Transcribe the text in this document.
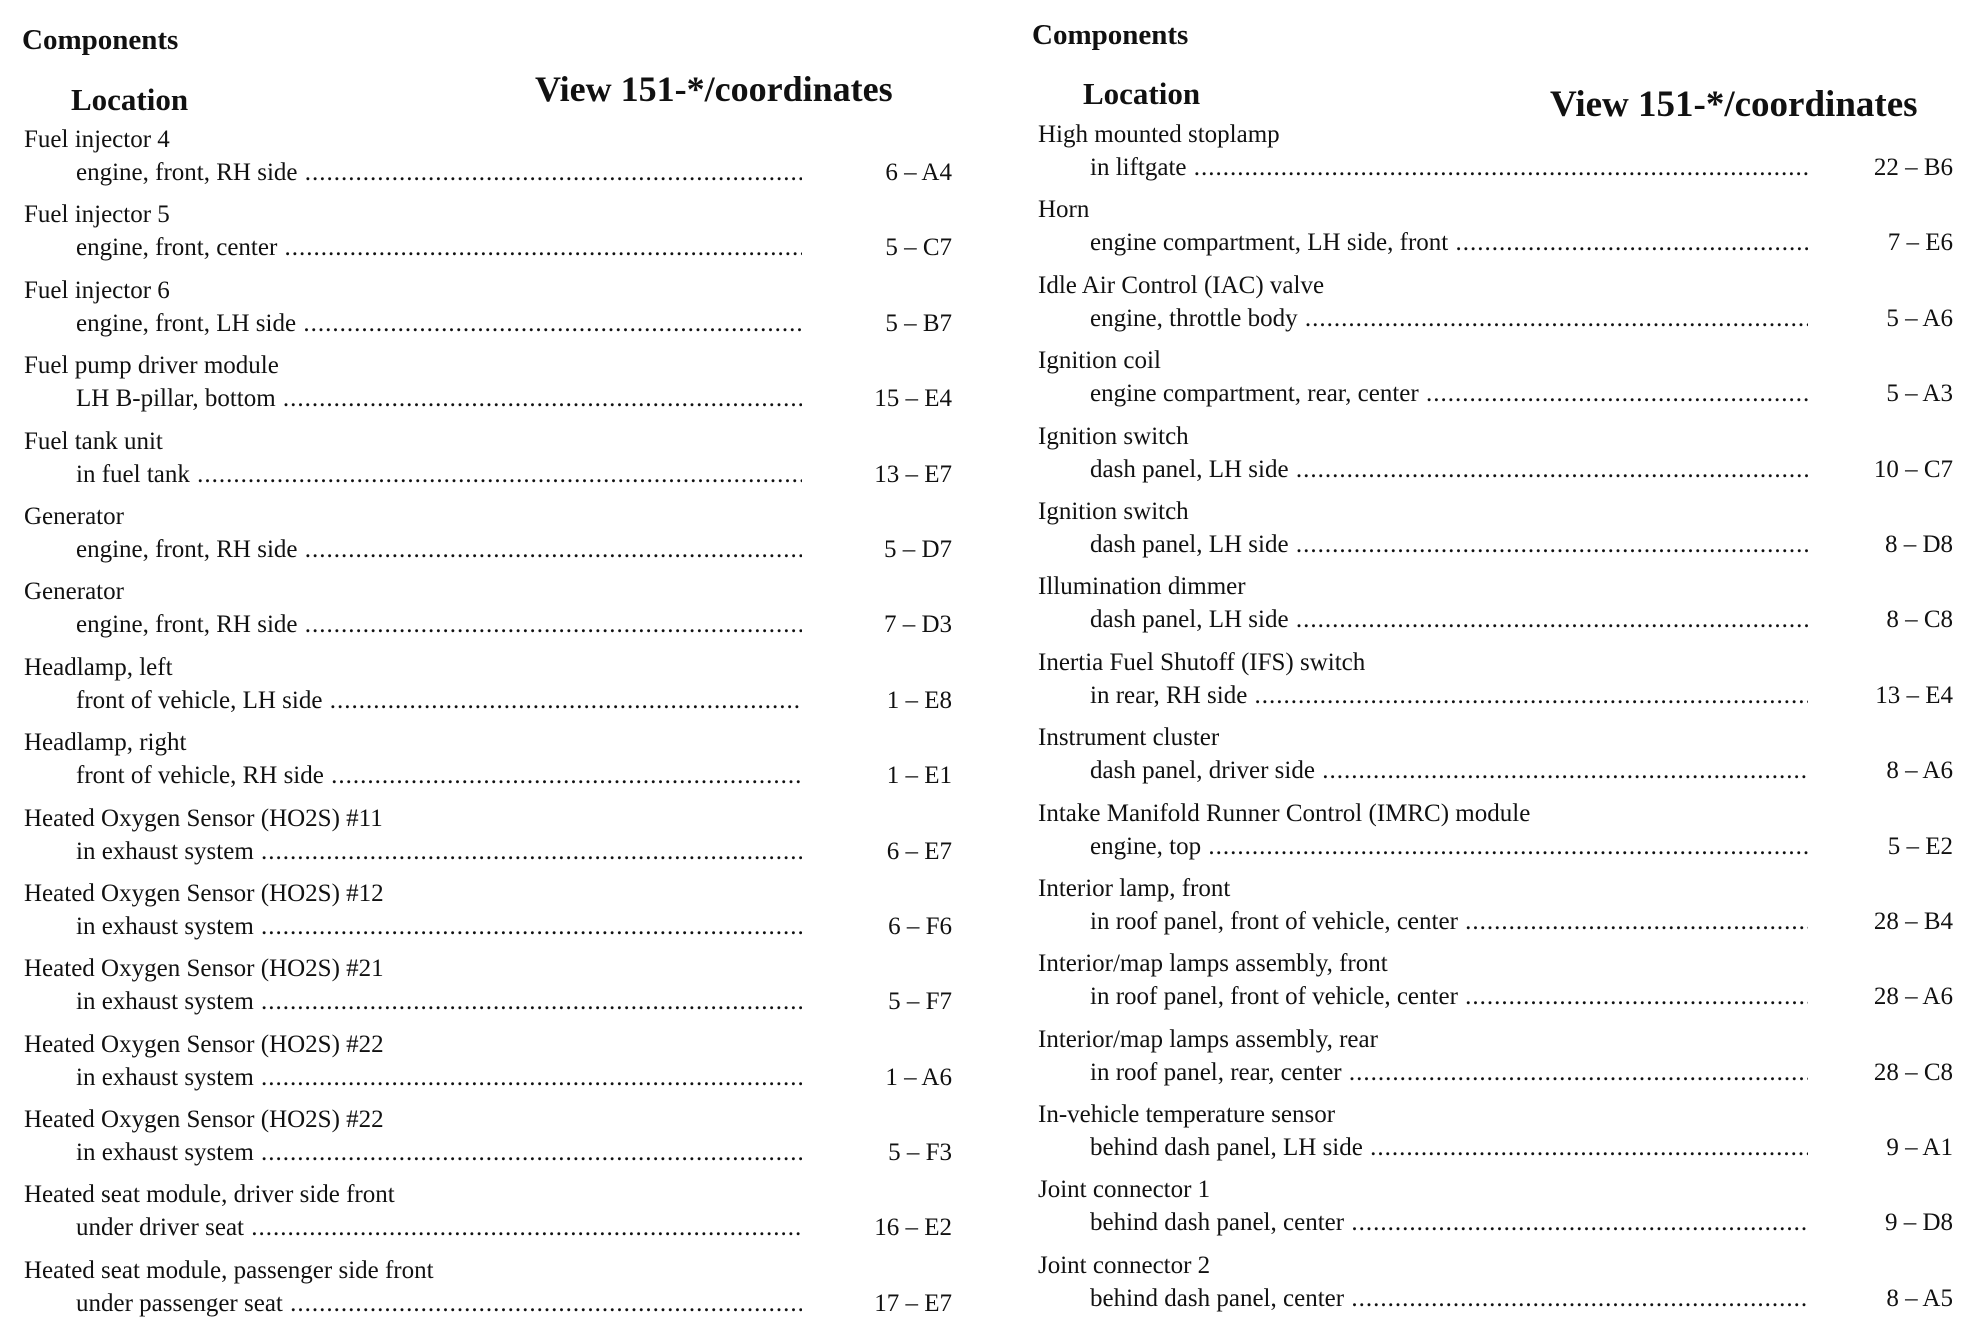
Components
Location	View 151-*/coordinates
Fuel injector 4
engine, front, RH side .....	6 – A4
Fuel injector 5
engine, front, center .....	5 – C7
Fuel injector 6
engine, front, LH side .....	5 – B7
Fuel pump driver module
LH B-pillar, bottom .....	15 – E4
Fuel tank unit
in fuel tank .....	13 – E7
Generator
engine, front, RH side .....	5 – D7
Generator
engine, front, RH side .....	7 – D3
Headlamp, left
front of vehicle, LH side .....	1 – E8
Headlamp, right
front of vehicle, RH side .....	1 – E1
Heated Oxygen Sensor (HO2S) #11
in exhaust system .....	6 – E7
Heated Oxygen Sensor (HO2S) #12
in exhaust system .....	6 – F6
Heated Oxygen Sensor (HO2S) #21
in exhaust system .....	5 – F7
Heated Oxygen Sensor (HO2S) #22
in exhaust system .....	1 – A6
Heated Oxygen Sensor (HO2S) #22
in exhaust system .....	5 – F3
Heated seat module, driver side front
under driver seat .....	16 – E2
Heated seat module, passenger side front
under passenger seat .....	17 – E7
Components
Location	View 151-*/coordinates
High mounted stoplamp
in liftgate .....	22 – B6
Horn
engine compartment, LH side, front .....	7 – E6
Idle Air Control (IAC) valve
engine, throttle body .....	5 – A6
Ignition coil
engine compartment, rear, center .....	5 – A3
Ignition switch
dash panel, LH side .....	10 – C7
Ignition switch
dash panel, LH side .....	8 – D8
Illumination dimmer
dash panel, LH side .....	8 – C8
Inertia Fuel Shutoff (IFS) switch
in rear, RH side .....	13 – E4
Instrument cluster
dash panel, driver side .....	8 – A6
Intake Manifold Runner Control (IMRC) module
engine, top .....	5 – E2
Interior lamp, front
in roof panel, front of vehicle, center .....	28 – B4
Interior/map lamps assembly, front
in roof panel, front of vehicle, center .....	28 – A6
Interior/map lamps assembly, rear
in roof panel, rear, center .....	28 – C8
In-vehicle temperature sensor
behind dash panel, LH side .....	9 – A1
Joint connector 1
behind dash panel, center .....	9 – D8
Joint connector 2
behind dash panel, center .....	8 – A5
